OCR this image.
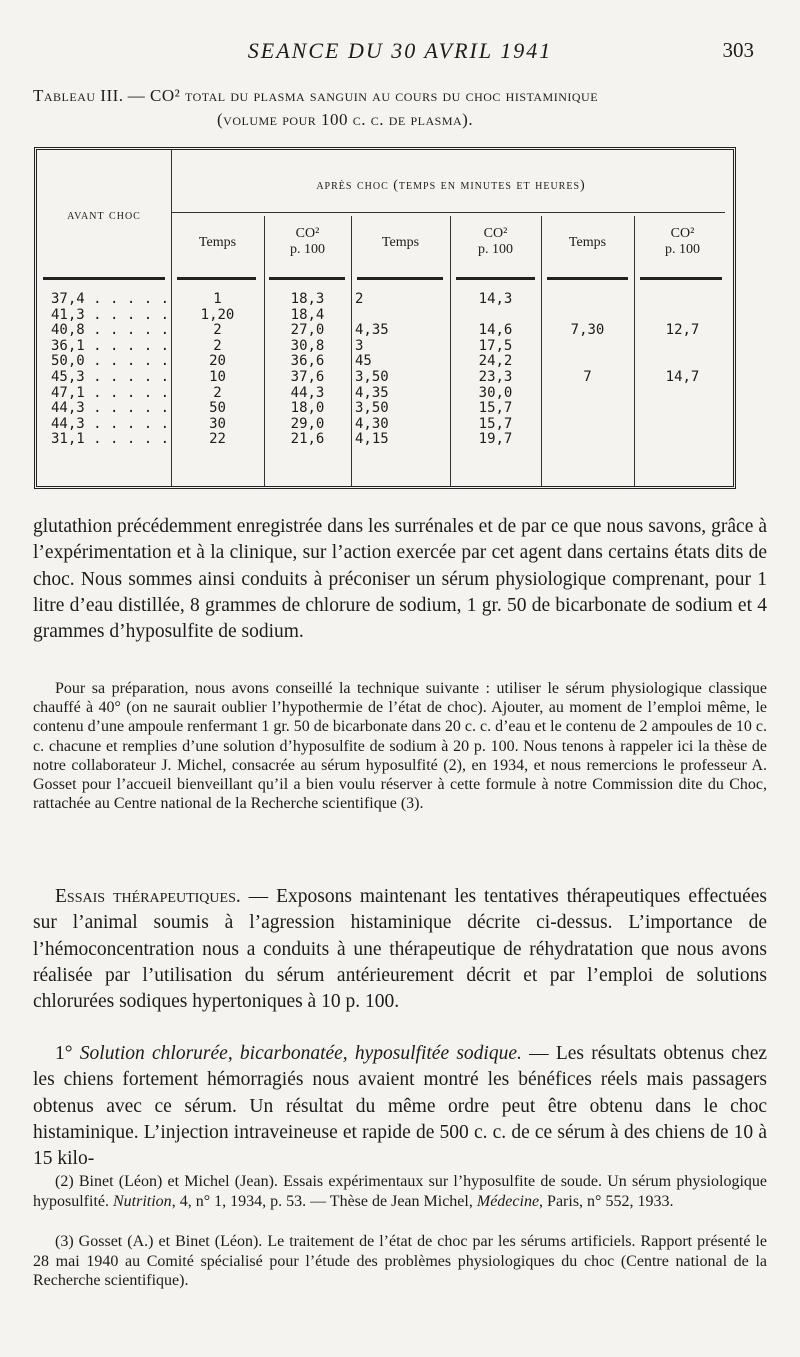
SEANCE DU 30 AVRIL 1941	303
Tableau III. — CO² total du plasma sanguin au cours du choc histaminique
(volume pour 100 c. c. de plasma).
avant choc
après choc (temps en minutes et heures)
Temps
CO²
p. 100	Temps
CO²
p. 100	Temps
CO²
p. 100
37,4 . . . . .	1	18,3	2	14,3
41,3 . . . . .	1,20	18,4
40,8 . . . . .	2	27,0	4,35	14,6	7,30	12,7
36,1 . . . . .	2	30,8	3	17,5
50,0 . . . . .	20	36,6	45	24,2
45,3 . . . . .	10	37,6	3,50	23,3	7	14,7
47,1 . . . . .	2	44,3	4,35	30,0
44,3 . . . . .	50	18,0	3,50	15,7
44,3 . . . . .	30	29,0	4,30	15,7
31,1 . . . . .	22	21,6	4,15	19,7
glutathion précédemment enregistrée dans les surrénales et de par ce que nous savons, grâce à l’expérimentation et à la clinique, sur l’action exercée par cet agent dans certains états dits de choc. Nous sommes ainsi conduits à préconiser un sérum physiologique comprenant, pour 1 litre d’eau distillée, 8 grammes de chlorure de sodium, 1 gr. 50 de bicarbonate de sodium et 4 grammes d’hyposulfite de sodium.
Pour sa préparation, nous avons conseillé la technique suivante : utiliser le sérum physiologique classique chauffé à 40° (on ne saurait oublier l’hypothermie de l’état de choc). Ajouter, au moment de l’emploi même, le contenu d’une ampoule renfermant 1 gr. 50 de bicarbonate dans 20 c. c. d’eau et le contenu de 2 ampoules de 10 c. c. chacune et remplies d’une solution d’hyposulfite de sodium à 20 p. 100. Nous tenons à rappeler ici la thèse de notre collaborateur J. Michel, consacrée au sérum hyposulfité (2), en 1934, et nous remercions le professeur A. Gosset pour l’accueil bienveillant qu’il a bien voulu réserver à cette formule à notre Commission dite du Choc, rattachée au Centre national de la Recherche scientifique (3).
Essais thérapeutiques. — Exposons maintenant les tentatives thérapeutiques effectuées sur l’animal soumis à l’agression histaminique décrite ci-dessus. L’importance de l’hémoconcentration nous a conduits à une thérapeutique de réhydratation que nous avons réalisée par l’utilisation du sérum antérieurement décrit et par l’emploi de solutions chlorurées sodiques hypertoniques à 10 p. 100.
1° Solution chlorurée, bicarbonatée, hyposulfitée sodique. — Les résultats obtenus chez les chiens fortement hémorragiés nous avaient montré les bénéfices réels mais passagers obtenus avec ce sérum. Un résultat du même ordre peut être obtenu dans le choc histaminique. L’injection intraveineuse et rapide de 500 c. c. de ce sérum à des chiens de 10 à 15 kilo-
(2) Binet (Léon) et Michel (Jean). Essais expérimentaux sur l’hyposulfite de soude. Un sérum physiologique hyposulfité. Nutrition, 4, n° 1, 1934, p. 53. — Thèse de Jean Michel, Médecine, Paris, n° 552, 1933.
(3) Gosset (A.) et Binet (Léon). Le traitement de l’état de choc par les sérums artificiels. Rapport présenté le 28 mai 1940 au Comité spécialisé pour l’étude des problèmes physiologiques du choc (Centre national de la Recherche scientifique).
